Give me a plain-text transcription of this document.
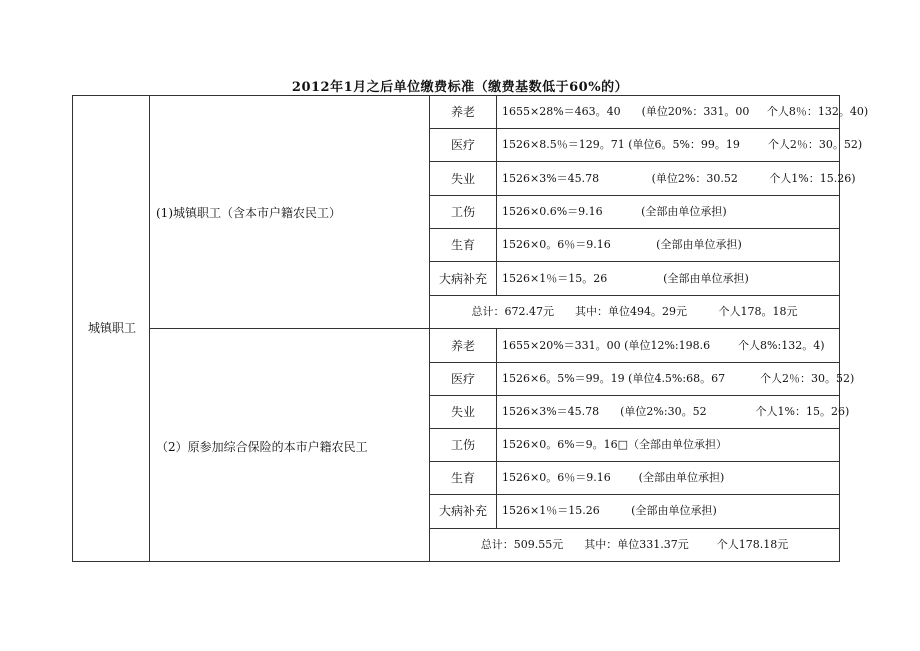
2012年1月之后单位缴费标准（缴费基数低于60%的）
城镇职工
(1)城镇职工（含本市户籍农民工）
（2）原参加综合保险的本市户籍农民工
养老	1655×28%＝463。40      (单位20%：331。00     个人8％：132。40)
医疗	1526×8.5％＝129。71 (单位6。5%：99。19        个人2％：30。52)
失业	1526×3%＝45.78               (单位2%：30.52         个人1%：15.26)
工伤	1526×0.6%＝9.16           (全部由单位承担)
生育	1526×0。6％＝9.16             (全部由单位承担)
大病补充	1526×1％＝15。26                (全部由单位承担)
总计：672.47元      其中：单位494。29元         个人178。18元
养老	1655×20%＝331。00 (单位12%:198.6        个人8%:132。4)
医疗	1526×6。5%＝99。19 (单位4.5%:68。67          个人2％：30。52)
失业	1526×3%＝45.78      (单位2%:30。52              个人1%：15。26)
工伤	1526×0。6%＝9。16□（全部由单位承担）
生育	1526×0。6％＝9.16        (全部由单位承担)
大病补充	1526×1％＝15.26         (全部由单位承担)
总计：509.55元      其中：单位331.37元        个人178.18元
